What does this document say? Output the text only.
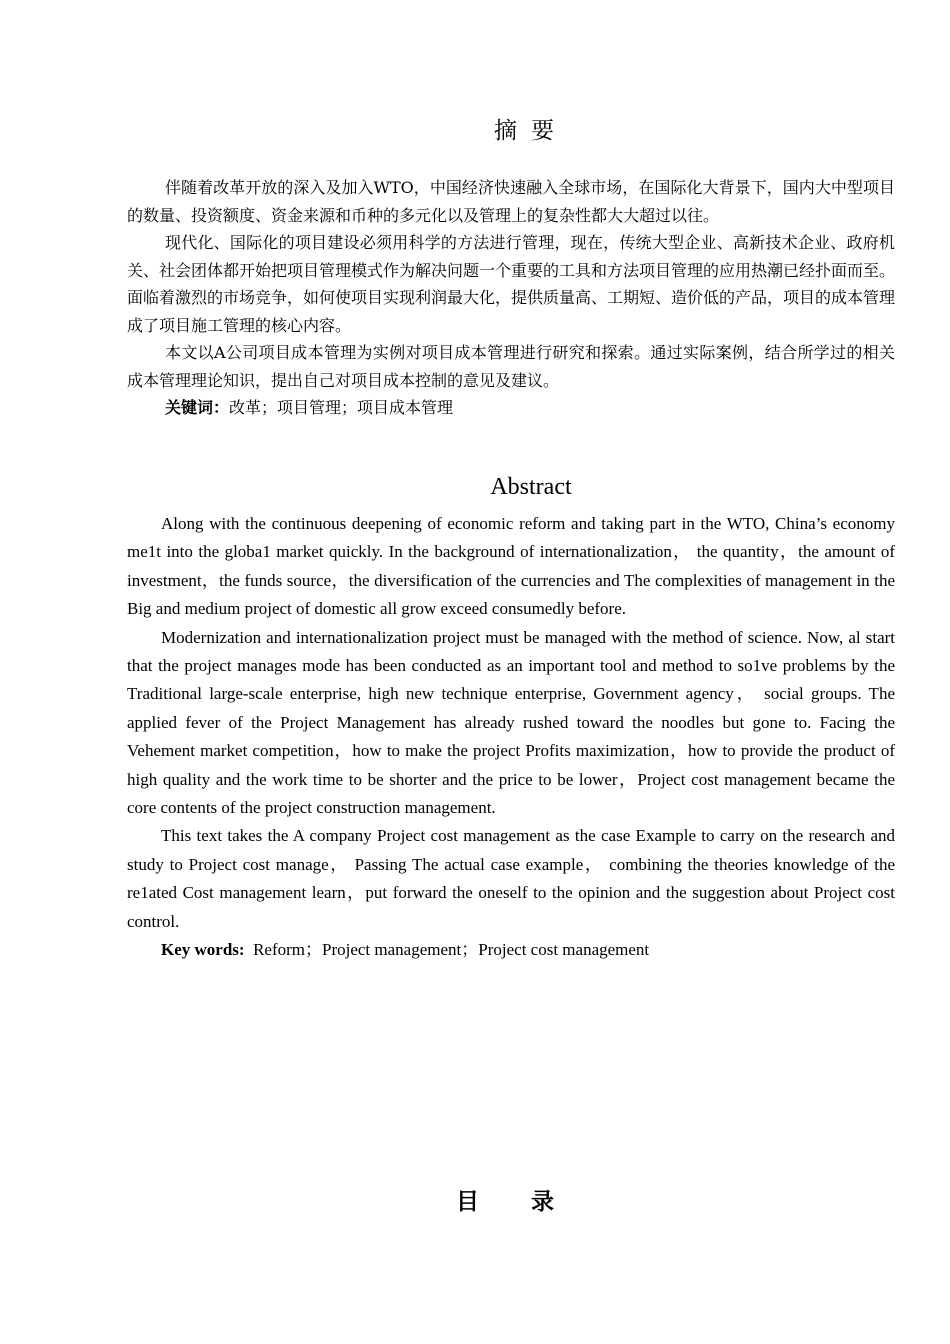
摘要

伴随着改革开放的深入及加入WTO，中国经济快速融入全球市场，在国际化大背景下，国内大中型项目的数量、投资额度、资金来源和币种的多元化以及管理上的复杂性都大大超过以往。

现代化、国际化的项目建设必须用科学的方法进行管理，现在，传统大型企业、高新技术企业、政府机关、社会团体都开始把项目管理模式作为解决问题一个重要的工具和方法项目管理的应用热潮已经扑面而至。面临着激烈的市场竞争，如何使项目实现利润最大化，提供质量高、工期短、造价低的产品，项目的成本管理成了项目施工管理的核心内容。

本文以A公司项目成本管理为实例对项目成本管理进行研究和探索。通过实际案例，结合所学过的相关成本管理理论知识，提出自己对项目成本控制的意见及建议。

关键词：改革；项目管理；项目成本管理

Abstract

Along with the continuous deepening of economic reform and taking part in the WTO, China’s economy me1t into the globa1 market quickly. In the background of internationalization， the quantity，the amount of investment，the funds source，the diversification of the currencies and The complexities of management in the Big and medium project of domestic all grow exceed consumedly before.

Modernization and internationalization project must be managed with the method of science. Now, al start that the project manages mode has been conducted as an important tool and method to so1ve problems by the Traditional large-scale enterprise, high new technique enterprise, Government agency， social groups. The applied fever of the Project Management has already rushed toward the noodles but gone to. Facing the Vehement market competition，how to make the project Profits maximization，how to provide the product of high quality and the work time to be shorter and the price to be lower，Project cost management became the core contents of the project construction management.

This text takes the A company Project cost management as the case Example to carry on the research and study to Project cost manage， Passing The actual case example， combining the theories knowledge of the re1ated Cost management learn，put forward the oneself to the opinion and the suggestion about Project cost control.

Key words: Reform；Project management；Project cost management

目录
